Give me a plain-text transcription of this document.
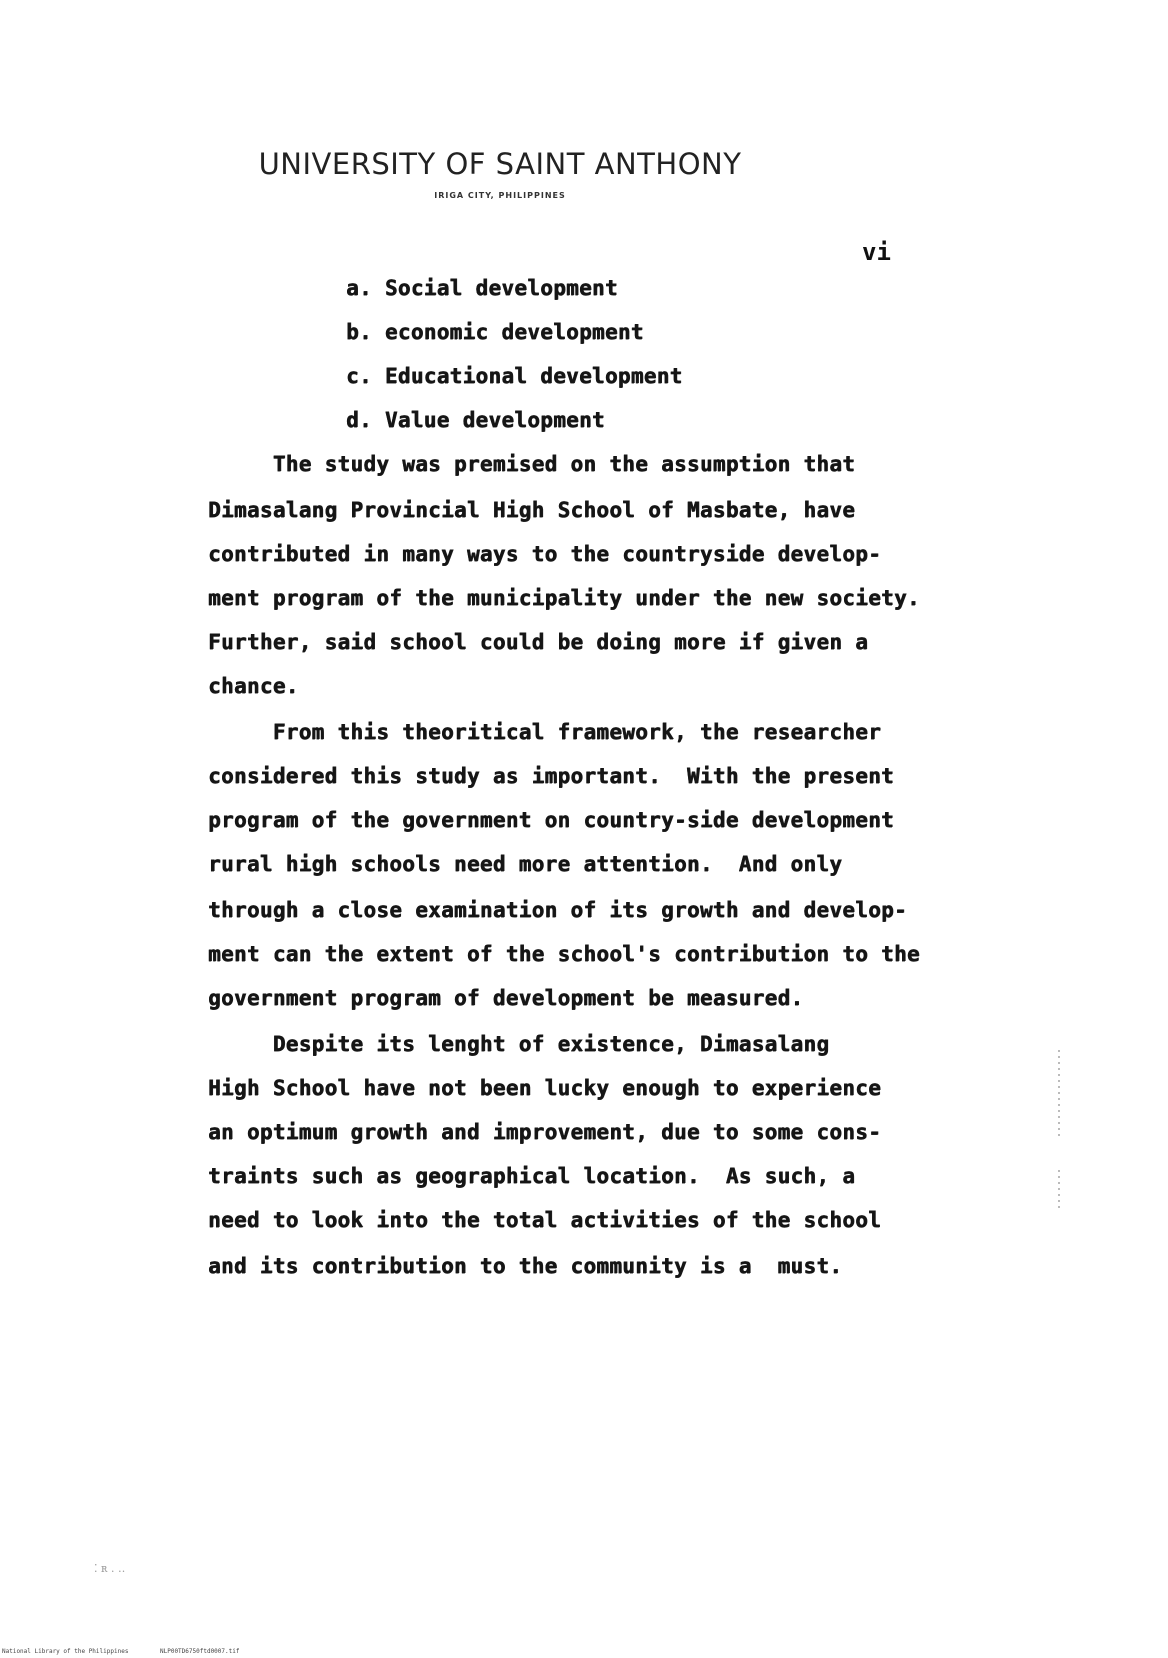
UNIVERSITY OF SAINT ANTHONY
IRIGA CITY, PHILIPPINES
vi
a. Social development
b. economic development
c. Educational development
d. Value development
The study was premised on the assumption that
Dimasalang Provincial High School of Masbate, have
contributed in many ways to the countryside develop-
ment program of the municipality under the new society.
Further, said school could be doing more if given a
chance.
From this theoritical framework, the researcher
considered this study as important.  With the present
program of the government on country-side development
rural high schools need more attention.  And only
through a close examination of its growth and develop-
ment can the extent of the school's contribution to the
government program of development be measured.
Despite its lenght of existence, Dimasalang
High School have not been lucky enough to experience
an optimum growth and improvement, due to some cons-
traints such as geographical location.  As such, a
need to look into the total activities of the school
and its contribution to the community is a  must.
⁚ ʀ ․ ‥
National Library of the Philippines	NLP00TD6750ftd0007.tif
